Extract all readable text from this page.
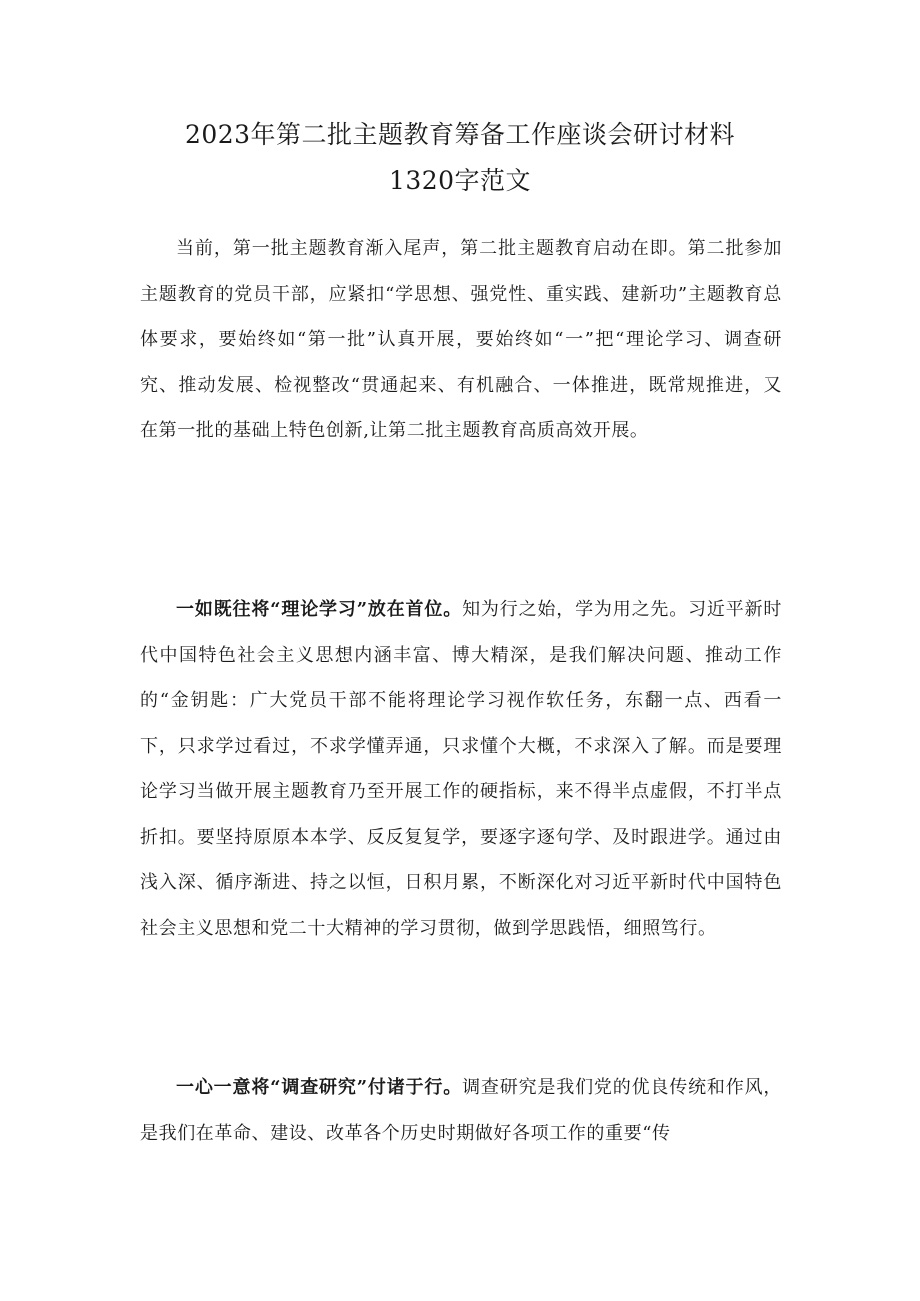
2023年第二批主题教育筹备工作座谈会研讨材料
1320字范文

当前，第一批主题教育渐入尾声，第二批主题教育启动在即。第二批参加主题教育的党员干部，应紧扣“学思想、强党性、重实践、建新功”主题教育总体要求，要始终如“第一批”认真开展，要始终如“一”把“理论学习、调查研究、推动发展、检视整改“贯通起来、有机融合、一体推进，既常规推进，又在第一批的基础上特色创新,让第二批主题教育高质高效开展。

一如既往将“理论学习”放在首位。知为行之始，学为用之先。习近平新时代中国特色社会主义思想内涵丰富、博大精深，是我们解决问题、推动工作的“金钥匙：广大党员干部不能将理论学习视作软任务，东翻一点、西看一下，只求学过看过，不求学懂弄通，只求懂个大概，不求深入了解。而是要理论学习当做开展主题教育乃至开展工作的硬指标，来不得半点虚假，不打半点折扣。要坚持原原本本学、反反复复学，要逐字逐句学、及时跟进学。通过由浅入深、循序渐进、持之以恒，日积月累，不断深化对习近平新时代中国特色社会主义思想和党二十大精神的学习贯彻，做到学思践悟，细照笃行。

一心一意将“调查研究”付诸于行。调查研究是我们党的优良传统和作风，是我们在革命、建设、改革各个历史时期做好各项工作的重要“传
